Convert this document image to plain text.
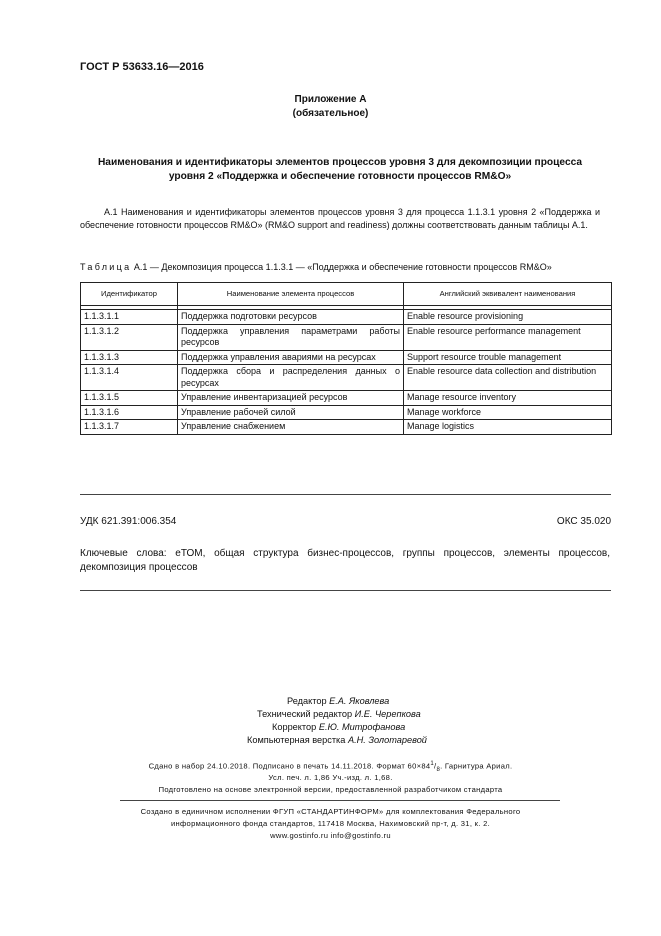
ГОСТ Р 53633.16—2016
Приложение А
(обязательное)
Наименования и идентификаторы элементов процессов уровня 3 для декомпозиции процесса
уровня 2 «Поддержка и обеспечение готовности процессов RM&O»
А.1 Наименования и идентификаторы элементов процессов уровня 3 для процесса 1.1.3.1 уровня 2 «Поддержка и обеспечение готовности процессов RM&O» (RM&O support and readiness) должны соответствовать данным таблицы А.1.
Таблица А.1 — Декомпозиция процесса 1.1.3.1 — «Поддержка и обеспечение готовности процессов RM&O»
Идентификатор	Наименование элемента процессов	Английский эквивалент наименования

1.1.3.1.1	Поддержка подготовки ресурсов	Enable resource provisioning
1.1.3.1.2	Поддержка управления параметрами работы ресурсов	Enable resource performance management
1.1.3.1.3	Поддержка управления авариями на ресурсах	Support resource trouble management
1.1.3.1.4	Поддержка сбора и распределения данных о ресурсах	Enable resource data collection and distribution
1.1.3.1.5	Управление инвентаризацией ресурсов	Manage resource inventory
1.1.3.1.6	Управление рабочей силой	Manage workforce
1.1.3.1.7	Управление снабжением	Manage logistics
УДК 621.391:006.354	ОКС 35.020
Ключевые слова: еТОМ, общая структура бизнес-процессов, группы процессов, элементы процессов, декомпозиция процессов
Редактор Е.А. Яковлева
Технический редактор И.Е. Черепкова
Корректор Е.Ю. Митрофанова
Компьютерная верстка А.Н. Золотаревой
Сдано в набор 24.10.2018. Подписано в печать 14.11.2018. Формат $60\times 84^1/_8$. Гарнитура Ариал.
Усл. печ. л. 1,86 Уч.-изд. л. 1,68.
Подготовлено на основе электронной версии, предоставленной разработчиком стандарта
Создано в единичном исполнении ФГУП «СТАНДАРТИНФОРМ» для комплектования Федерального
информационного фонда стандартов, 117418 Москва, Нахимовский пр-т, д. 31, к. 2.
www.gostinfo.ru info@gostinfo.ru
